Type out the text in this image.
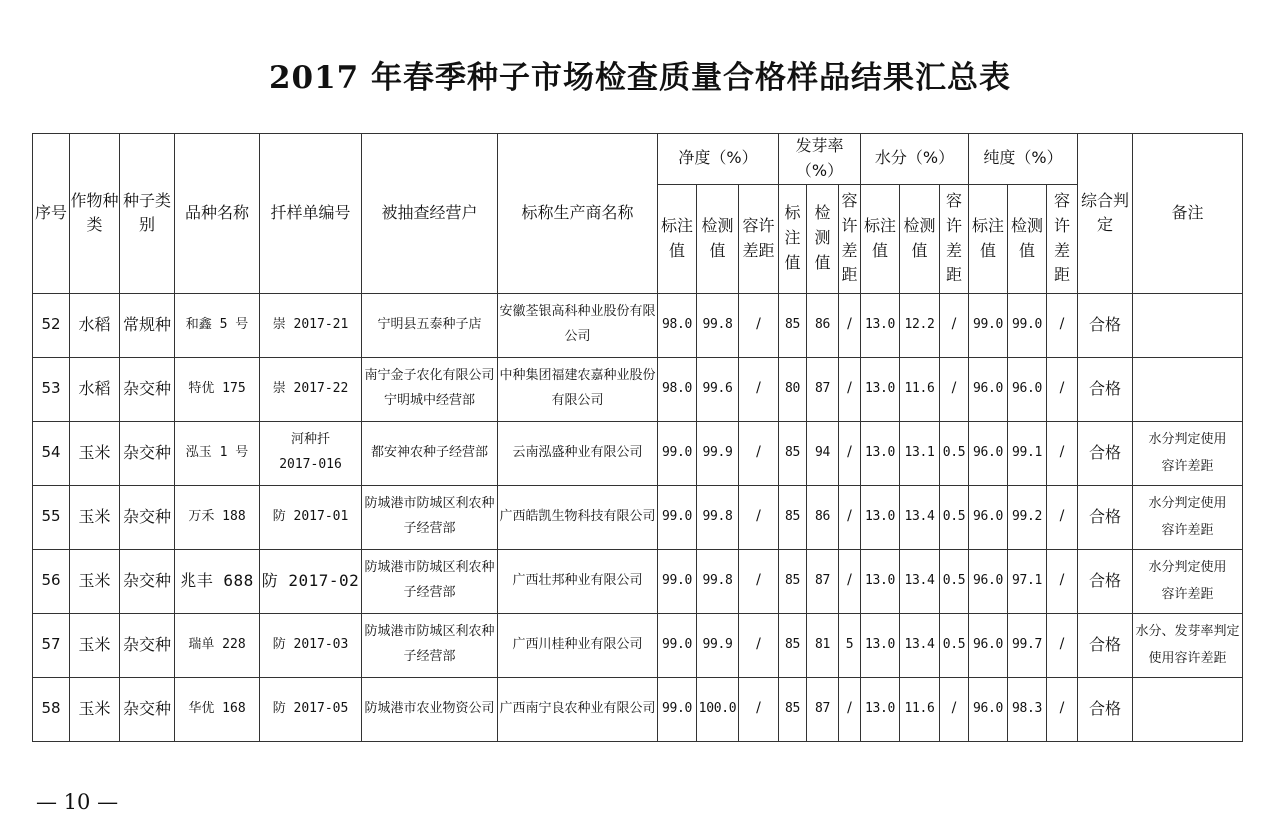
2017 年春季种子市场检查质量合格样品结果汇总表
序号	作物种类	种子类别	品种名称	扦样单编号	被抽查经营户	标称生产商名称	净度（%）			发芽率（%）			水分（%）			纯度（%）			综合判定	备注
							标注值	检测值	容许差距	标注值	检测值	容许差距	标注值	检测值	容许差距	标注值	检测值	容许差距		
52	水稻	常规种	和鑫 5 号	崇 2017-21	宁明县五泰种子店	安徽荃银高科种业股份有限公司	98.0	99.8	/	85	86	/	13.0	12.2	/	99.0	99.0	/	合格	
53	水稻	杂交种	特优 175	崇 2017-22	南宁金子农化有限公司宁明城中经营部	中种集团福建农嘉种业股份有限公司	98.0	99.6	/	80	87	/	13.0	11.6	/	96.0	96.0	/	合格	
54	玉米	杂交种	泓玉 1 号	河种扦 2017-016	都安神农种子经营部	云南泓盛种业有限公司	99.0	99.9	/	85	94	/	13.0	13.1	0.5	96.0	99.1	/	合格	水分判定使用容许差距
55	玉米	杂交种	万禾 188	防 2017-01	防城港市防城区利农种子经营部	广西皓凯生物科技有限公司	99.0	99.8	/	85	86	/	13.0	13.4	0.5	96.0	99.2	/	合格	水分判定使用容许差距
56	玉米	杂交种	兆丰 688	防 2017-02	防城港市防城区利农种子经营部	广西壮邦种业有限公司	99.0	99.8	/	85	87	/	13.0	13.4	0.5	96.0	97.1	/	合格	水分判定使用容许差距
57	玉米	杂交种	瑞单 228	防 2017-03	防城港市防城区利农种子经营部	广西川桂种业有限公司	99.0	99.9	/	85	81	5	13.0	13.4	0.5	96.0	99.7	/	合格	水分、发芽率判定使用容许差距
58	玉米	杂交种	华优 168	防 2017-05	防城港市农业物资公司	广西南宁良农种业有限公司	99.0	100.0	/	85	87	/	13.0	11.6	/	96.0	98.3	/	合格	
— 10 —
